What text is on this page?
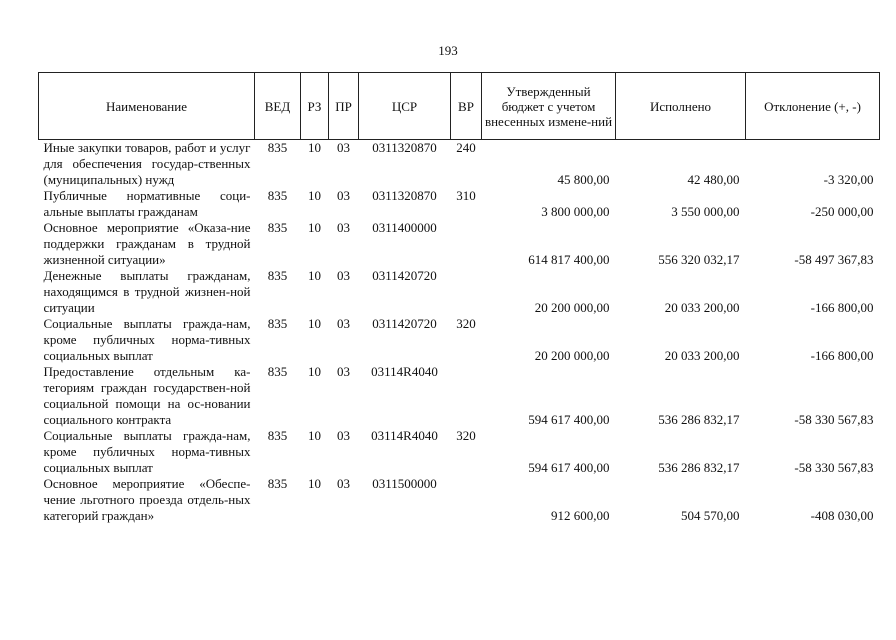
193
Наименование	ВЕД	РЗ	ПР	ЦСР	ВР	Утвержденный бюджет с учетом внесенных измене-ний	Исполнено	Отклонение (+, -)
Иные закупки товаров, работ и услуг для обеспечения государ-ственных (муниципальных) нужд	835	10	03	0311320870	240	45 800,00	42 480,00	-3 320,00
Публичные нормативные соци-альные выплаты гражданам	835	10	03	0311320870	310	3 800 000,00	3 550 000,00	-250 000,00
Основное мероприятие «Оказа-ние поддержки гражданам в трудной жизненной ситуации»	835	10	03	0311400000		614 817 400,00	556 320 032,17	-58 497 367,83
Денежные выплаты гражданам, находящимся в трудной жизнен-ной ситуации	835	10	03	0311420720		20 200 000,00	20 033 200,00	-166 800,00
Социальные выплаты гражда-нам, кроме публичных норма-тивных социальных выплат	835	10	03	0311420720	320	20 200 000,00	20 033 200,00	-166 800,00
Предоставление отдельным ка-тегориям граждан государствен-ной социальной помощи на ос-новании социального контракта	835	10	03	03114R4040		594 617 400,00	536 286 832,17	-58 330 567,83
Социальные выплаты гражда-нам, кроме публичных норма-тивных социальных выплат	835	10	03	03114R4040	320	594 617 400,00	536 286 832,17	-58 330 567,83
Основное мероприятие «Обеспе-чение льготного проезда отдель-ных категорий граждан»	835	10	03	0311500000		912 600,00	504 570,00	-408 030,00
